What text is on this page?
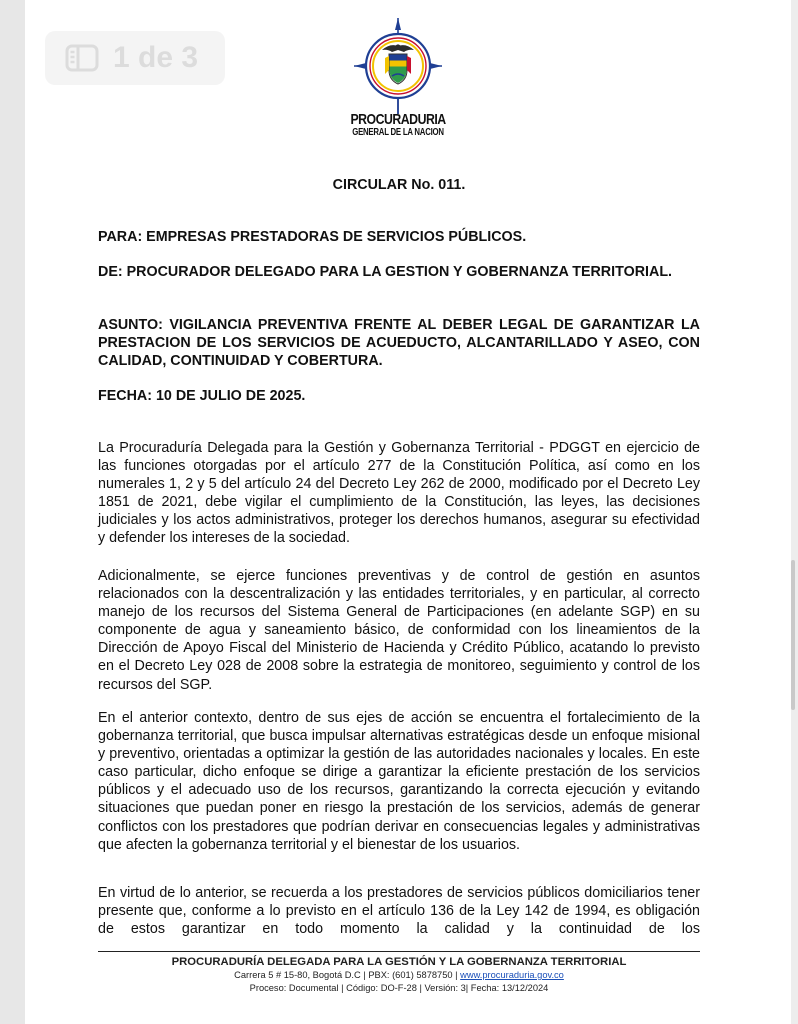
1 de 3
PROCURADURIA
GENERAL DE LA NACION

CIRCULAR No. 011.

PARA: EMPRESAS PRESTADORAS DE SERVICIOS PÚBLICOS.

DE: PROCURADOR DELEGADO PARA LA GESTION Y GOBERNANZA TERRITORIAL.

ASUNTO: VIGILANCIA PREVENTIVA FRENTE AL DEBER LEGAL DE GARANTIZAR LA PRESTACION DE LOS SERVICIOS DE ACUEDUCTO, ALCANTARILLADO Y ASEO, CON CALIDAD, CONTINUIDAD Y COBERTURA.

FECHA: 10 DE JULIO DE 2025.

La Procuraduría Delegada para la Gestión y Gobernanza Territorial - PDGGT en ejercicio de las funciones otorgadas por el artículo 277 de la Constitución Política, así como en los numerales 1, 2 y 5 del artículo 24 del Decreto Ley 262 de 2000, modificado por el Decreto Ley 1851 de 2021, debe vigilar el cumplimiento de la Constitución, las leyes, las decisiones judiciales y los actos administrativos, proteger los derechos humanos, asegurar su efectividad y defender los intereses de la sociedad.

Adicionalmente, se ejerce funciones preventivas y de control de gestión en asuntos relacionados con la descentralización y las entidades territoriales, y en particular, al correcto manejo de los recursos del Sistema General de Participaciones (en adelante SGP) en su componente de agua y saneamiento básico, de conformidad con los lineamientos de la Dirección de Apoyo Fiscal del Ministerio de Hacienda y Crédito Público, acatando lo previsto en el Decreto Ley 028 de 2008 sobre la estrategia de monitoreo, seguimiento y control de los recursos del SGP.

En el anterior contexto, dentro de sus ejes de acción se encuentra el fortalecimiento de la gobernanza territorial, que busca impulsar alternativas estratégicas desde un enfoque misional y preventivo, orientadas a optimizar la gestión de las autoridades nacionales y locales. En este caso particular, dicho enfoque se dirige a garantizar la eficiente prestación de los servicios públicos y el adecuado uso de los recursos, garantizando la correcta ejecución y evitando situaciones que puedan poner en riesgo la prestación de los servicios, además de generar conflictos con los prestadores que podrían derivar en consecuencias legales y administrativas que afecten la gobernanza territorial y el bienestar de los usuarios.

En virtud de lo anterior, se recuerda a los prestadores de servicios públicos domiciliarios tener presente que, conforme a lo previsto en el artículo 136 de la Ley 142 de 1994, es obligación de estos garantizar en todo momento la calidad y la continuidad de los

PROCURADURÍA DELEGADA PARA LA GESTIÓN Y LA GOBERNANZA TERRITORIAL
Carrera 5 # 15-80, Bogotá D.C | PBX: (601) 5878750 | www.procuraduria.gov.co
Proceso: Documental | Código: DO-F-28 | Versión: 3| Fecha: 13/12/2024
